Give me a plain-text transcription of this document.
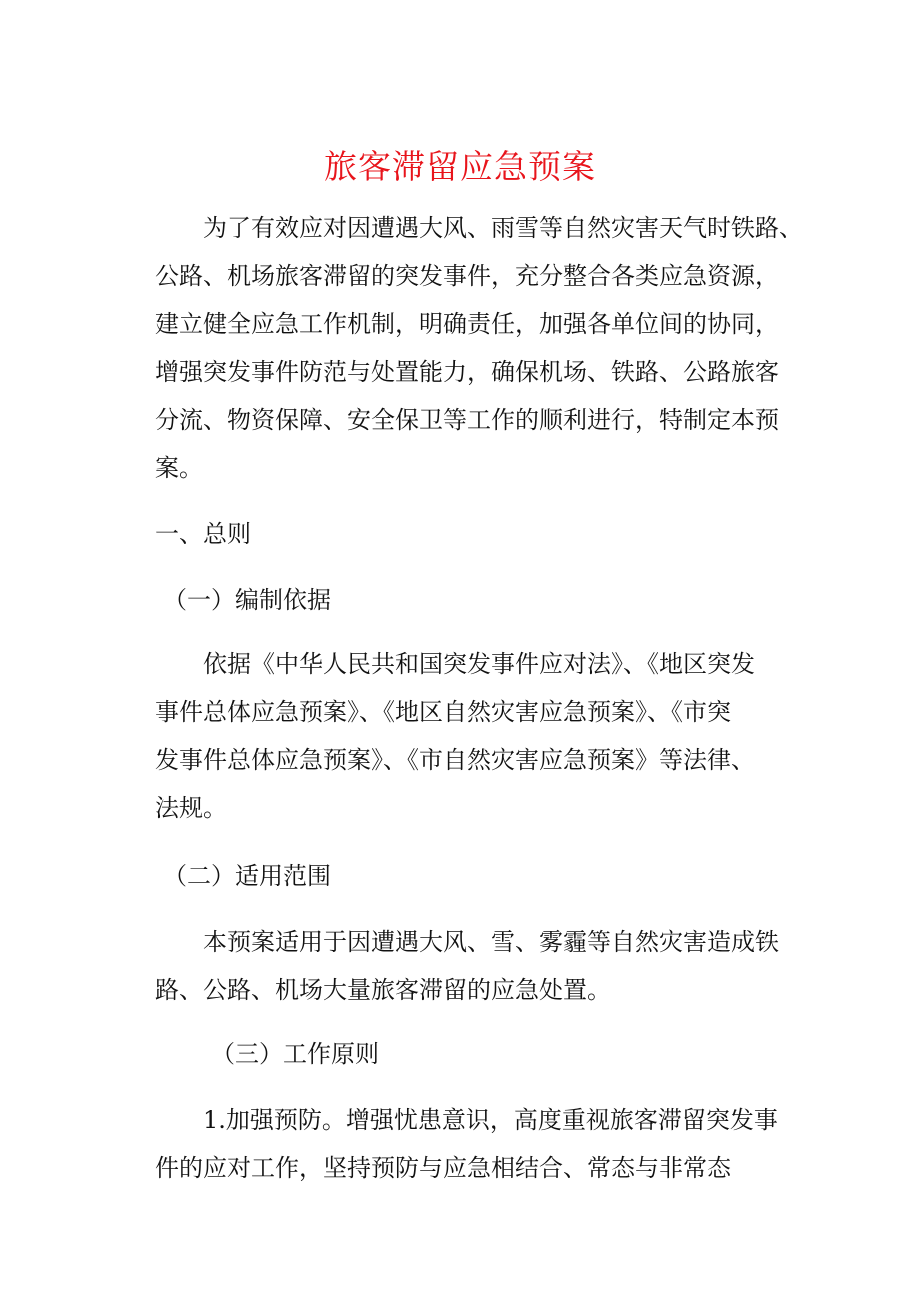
旅客滞留应急预案
　　为了有效应对因遭遇大风、雨雪等自然灾害天气时铁路、
公路、机场旅客滞留的突发事件，充分整合各类应急资源，
建立健全应急工作机制，明确责任，加强各单位间的协同，
增强突发事件防范与处置能力，确保机场、铁路、公路旅客
分流、物资保障、安全保卫等工作的顺利进行，特制定本预
案。
一、总则
（一）编制依据
　　依据《中华人民共和国突发事件应对法》、《地区突发
事件总体应急预案》、《地区自然灾害应急预案》、《市突
发事件总体应急预案》、《市自然灾害应急预案》等法律、
法规。
（二）适用范围
　　本预案适用于因遭遇大风、雪、雾霾等自然灾害造成铁
路、公路、机场大量旅客滞留的应急处置。
（三）工作原则
　　1.加强预防。增强忧患意识，高度重视旅客滞留突发事
件的应对工作，坚持预防与应急相结合、常态与非常态
